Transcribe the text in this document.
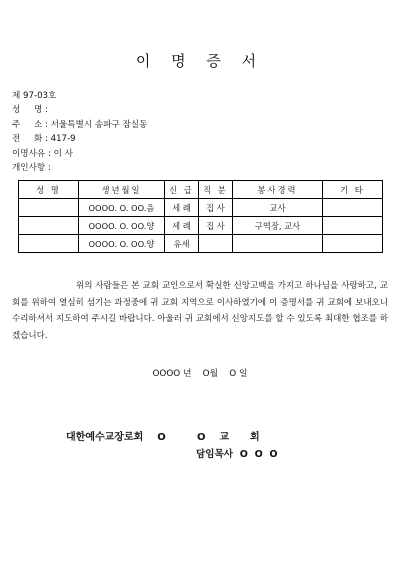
이 명 증 서
제 97-03호
성     명 :
주     소 : 서울특별시 송파구 잠실동
전     화 : 417-9
이명사유 : 이 사
개인사항 :
성 명	생년월일	신 급	직 분	봉사경력	기 타
	OOOO. O. OO.음	세 례	집 사	교사	
	OOOO. O. OO.양	세 례	집 사	구역장, 교사	
	OOOO. O. OO.양	유세			
위의 사람들은 본 교회 교인으로서 확실한 신앙고백을 가지고 하나님을 사랑하고, 교회를 위하여 열심히 섬기는 과정중에 귀 교회 지역으로 이사하였기에 이 증명서를 귀 교회에 보내오니 수리하셔서 지도하여 주시길 바랍니다. 아울러 귀 교회에서 신앙지도를 할 수 있도록 최대한 협조를 하겠습니다.
OOOO 년    O월    O 일
대한예수교장로회    O         O    교      회
담임목사  O  O  O
